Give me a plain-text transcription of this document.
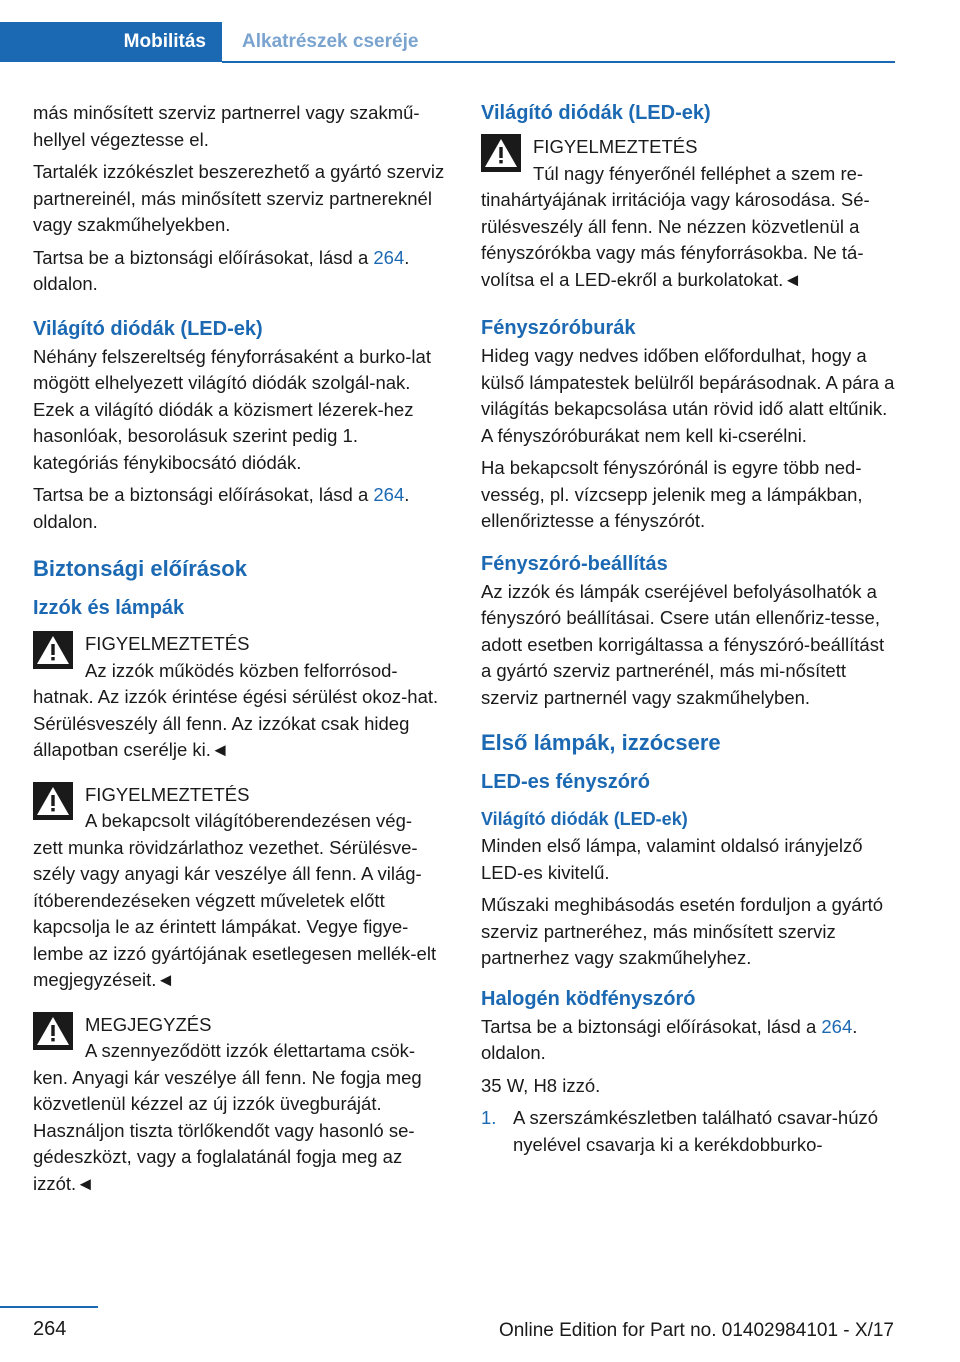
Mobilitás	Alkatrészek cseréje

más minősített szerviz partnerrel vagy szakmű-hellyel végeztesse el.

Tartalék izzókészlet beszerezhető a gyártó szerviz partnereinél, más minősített szerviz partnereknél vagy szakműhelyekben.

Tartsa be a biztonsági előírásokat, lásd a 264. oldalon.

Világító diódák (LED-ek)

Néhány felszereltség fényforrásaként a burko-lat mögött elhelyezett világító diódák szolgál-nak. Ezek a világító diódák a közismert lézerek-hez hasonlóak, besorolásuk szerint pedig 1. kategóriás fénykibocsátó diódák.

Tartsa be a biztonsági előírásokat, lásd a 264. oldalon.

Biztonsági előírások
Izzók és lámpák

FIGYELMEZTETÉS

Az izzók működés közben felforrósod-

hatnak. Az izzók érintése égési sérülést okoz-hat. Sérülésveszély áll fenn. Az izzókat csak hideg állapotban cserélje ki.◄

FIGYELMEZTETÉS

A bekapcsolt világítóberendezésen vég-

zett munka rövidzárlathoz vezethet. Sérülésve-szély vagy anyagi kár veszélye áll fenn. A világ-ítóberendezéseken végzett műveletek előtt kapcsolja le az érintett lámpákat. Vegye figye-lembe az izzó gyártójának esetlegesen mellék-elt megjegyzéseit.◄

MEGJEGYZÉS

A szennyeződött izzók élettartama csök-

ken. Anyagi kár veszélye áll fenn. Ne fogja meg közvetlenül kézzel az új izzók üvegburáját. Használjon tiszta törlőkendőt vagy hasonló se-gédeszközt, vagy a foglalatánál fogja meg az izzót.◄

Világító diódák (LED-ek)

FIGYELMEZTETÉS

Túl nagy fényerőnél felléphet a szem re-

tinahártyájának irritációja vagy károsodása. Sé-rülésveszély áll fenn. Ne nézzen közvetlenül a fényszórókba vagy más fényforrásokba. Ne tá-volítsa el a LED-ekről a burkolatokat.◄

Fényszóróburák

Hideg vagy nedves időben előfordulhat, hogy a külső lámpatestek belülről bepárásodnak. A pára a világítás bekapcsolása után rövid idő alatt eltűnik. A fényszóróburákat nem kell ki-cserélni.

Ha bekapcsolt fényszórónál is egyre több ned-vesség, pl. vízcsepp jelenik meg a lámpákban, ellenőriztesse a fényszórót.

Fényszóró-beállítás

Az izzók és lámpák cseréjével befolyásolhatók a fényszóró beállításai. Csere után ellenőriz-tesse, adott esetben korrigáltassa a fényszóró-beállítást a gyártó szerviz partnerénél, más mi-nősített szerviz partnernél vagy szakműhelyben.

Első lámpák, izzócsere
LED-es fényszóró
Világító diódák (LED-ek)

Minden első lámpa, valamint oldalsó irányjelző LED-es kivitelű.

Műszaki meghibásodás esetén forduljon a gyártó szerviz partneréhez, más minősített szerviz partnerhez vagy szakműhelyhez.

Halogén ködfényszóró

Tartsa be a biztonsági előírásokat, lásd a 264. oldalon.

35 W, H8 izzó.

1. A szerszámkészletben található csavar-húzó nyelével csavarja ki a kerékdobburko-
264	Online Edition for Part no. 01402984101 - X/17
